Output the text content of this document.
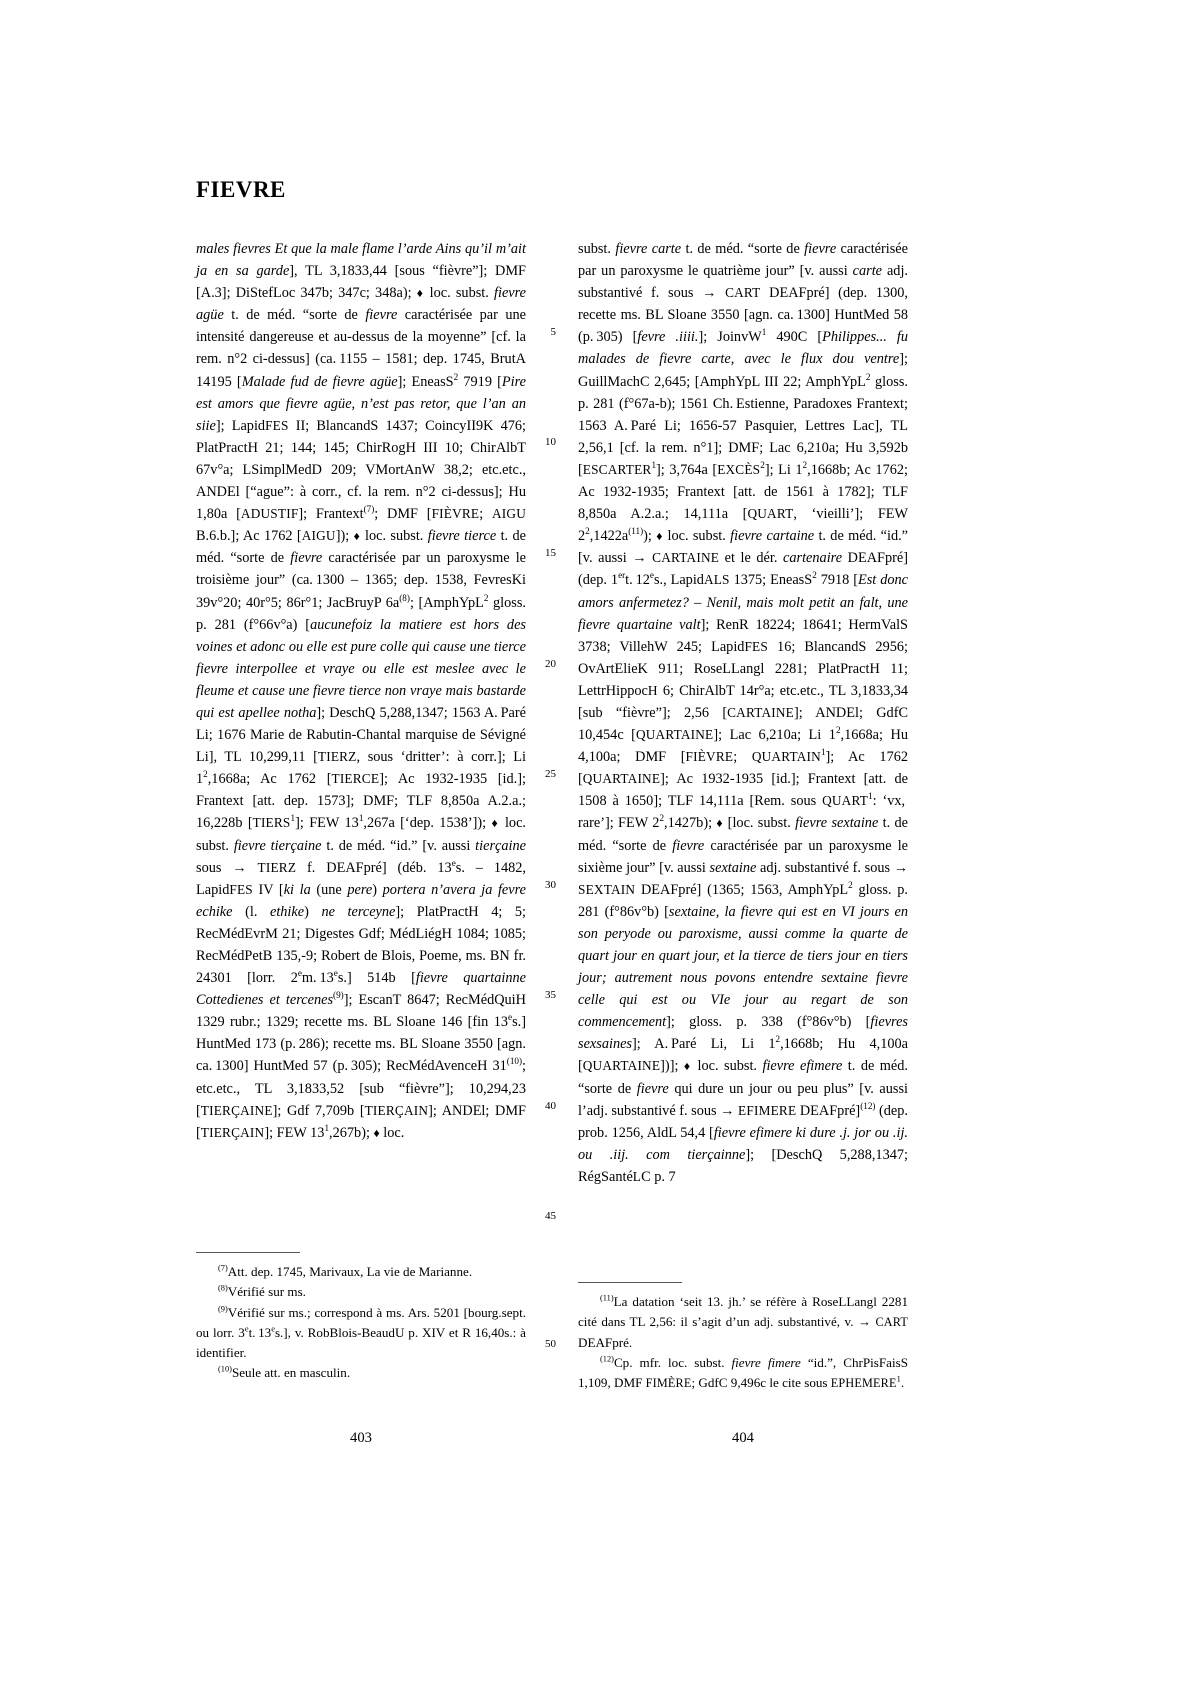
FIEVRE
5
10
15
20
25
30
35
40
45
50

males fievres Et que la male flame l’arde Ains qu’il m’ait ja en sa garde], TL 3,1833,44 [sous “fièvre”]; DMF [A.3]; DiStefLoc 347b; 347c; 348a); ♦ loc. subst. fievre agüe t. de méd. “sorte de fievre caractérisée par une intensité dangereuse et au-dessus de la moyenne” [cf. la rem. n°2 ci-dessus] (ca. 1155 – 1581; dep. 1745, BrutA 14195 [Malade fud de fievre agüe]; EneasS$^2$ 7919 [Pire est amors que fievre agüe, n’est pas retor, que l’an an siie]; LapidFES II; BlancandS 1437; CoincyII9K 476; PlatPractH 21; 144; 145; ChirRogH III 10; ChirAlbT 67v°a; LSimplMedD 209; VMortAnW 38,2; etc.etc., ANDEl [“ague”: à corr., cf. la rem. n°2 ci-dessus]; Hu 1,80a [ADUSTIF]; Frantext$^{(7)}$; DMF [FIÈVRE; AIGU B.6.b.]; Ac 1762 [AIGU]); ♦ loc. subst. fievre tierce t. de méd. “sorte de fievre caractérisée par un paroxysme le troisième jour” (ca. 1300 – 1365; dep. 1538, FevresKi 39v°20; 40r°5; 86r°1; JacBruyP $6a^{(8)}$; [AmphYpL$^2$ gloss. p. 281 (f°66v°a) [aucunefoiz la matiere est hors des voines et adonc ou elle est pure colle qui cause une tierce fievre interpollee et vraye ou elle est meslee avec le fleume et cause une fievre tierce non vraye mais bastarde qui est apellee notha]; DeschQ 5,288,1347; 1563 A. Paré Li; 1676 Marie de Rabutin-Chantal marquise de Sévigné Li], TL 10,299,11 [TIERZ, sous ‘dritter’: à corr.]; Li $1^2,1668a$; Ac 1762 [TIERCE]; Ac 1932-1935 [id.]; Frantext [att. dep. 1573]; DMF; TLF 8,850a A.2.a.; 16,228b [TIERS$^1$]; FEW $13^1,267a$ [‘dep. 1538’]); ♦ loc. subst. fievre tierçaine t. de méd. “id.” [v. aussi tierçaine sous → TIERZ f. DEAFpré] (déb. 13es. – 1482, LapidFES IV [ki la (une pere) portera n’avera ja fevre echike (l. ethike) ne terceyne]; PlatPractH 4; 5; RecMédEvrM 21; Digestes Gdf; MédLiégH 1084; 1085; RecMédPetB 135,-9; Robert de Blois, Poeme, ms. BN fr. 24301 [lorr. 2em. 13es.] 514b [fievre quartainne Cottedienes et tercenes$^{(9)}$]; EscanT 8647; RecMédQuiH 1329 rubr.; 1329; recette ms. BL Sloane 146 [fin 13es.] HuntMed 173 (p. 286); recette ms. BL Sloane 3550 [agn. ca. 1300] HuntMed 57 (p. 305); RecMédAvenceH 31$^{(10)}$; etc.etc., TL 3,1833,52 [sub “fièvre”]; 10,294,23 [TIERÇAINE]; Gdf 7,709b [TIERÇAIN]; ANDEl; DMF [TIERÇAIN]; FEW $13^1,267b$); ♦ loc.

$^{(7)}$Att. dep. 1745, Marivaux, La vie de Marianne.

$^{(8)}$Vérifié sur ms.

$^{(9)}$Vérifié sur ms.; correspond à ms. Ars. 5201 [bourg.sept. ou lorr. 3et. 13es.], v. RobBlois-BeaudU p. XIV et R 16,40s.: à identifier.

$^{(10)}$Seule att. en masculin.

subst. fievre carte t. de méd. “sorte de fievre caractérisée par un paroxysme le quatrième jour” [v. aussi carte adj. substantivé f. sous → CART DEAFpré] (dep. 1300, recette ms. BL Sloane 3550 [agn. ca. 1300] HuntMed 58 (p. 305) [fevre .iiii.]; JoinvW$^1$ 490C [Philippes... fu malades de fievre carte, avec le flux dou ventre]; GuillMachC 2,645; [AmphYpL III 22; AmphYpL$^2$ gloss. p. 281 (f°67a-b); 1561 Ch. Estienne, Paradoxes Frantext; 1563 A. Paré Li; 1656-57 Pasquier, Lettres Lac], TL 2,56,1 [cf. la rem. n°1]; DMF; Lac 6,210a; Hu 3,592b [ESCARTER$^1$]; 3,764a [EXCÈS$^2$]; Li $1^2,1668b$; Ac 1762; Ac 1932-1935; Frantext [att. de 1561 à 1782]; TLF 8,850a A.2.a.; 14,111a [QUART, ‘vieilli’]; FEW $2^2,1422a^{(11)}$); ♦ loc. subst. fievre cartaine t. de méd. “id.” [v. aussi → CARTAINE et le dér. cartenaire DEAFpré] (dep. 1ert. 12es., LapidALS 1375; EneasS$^2$ 7918 [Est donc amors anfermetez? – Nenil, mais molt petit an falt, une fievre quartaine valt]; RenR 18224; 18641; HermValS 3738; VillehW 245; LapidFES 16; BlancandS 2956; OvArtElieK 911; RoseLLangl 2281; PlatPractH 11; LettrHippocH 6; ChirAlbT 14r°a; etc.etc., TL 3,1833,34 [sub “fièvre”]; 2,56 [CARTAINE]; ANDEl; GdfC 10,454c [QUARTAINE]; Lac 6,210a; Li $1^2,1668a$; Hu 4,100a; DMF [FIÈVRE; QUARTAIN$^1$]; Ac 1762 [QUARTAINE]; Ac 1932-1935 [id.]; Frantext [att. de 1508 à 1650]; TLF 14,111a [Rem. sous QUART$^1$: ‘vx, rare’]; FEW $2^2,1427b$); ♦ [loc. subst. fievre sextaine t. de méd. “sorte de fievre caractérisée par un paroxysme le sixième jour” [v. aussi sextaine adj. substantivé f. sous → SEXTAIN DEAFpré] (1365; 1563, AmphYpL$^2$ gloss. p. 281 (f°86v°b) [sextaine, la fievre qui est en VI jours en son peryode ou paroxisme, aussi comme la quarte de quart jour en quart jour, et la tierce de tiers jour en tiers jour; autrement nous povons entendre sextaine fievre celle qui est ou VIe jour au regart de son commencement]; gloss. p. 338 (f°86v°b) [fievres sexsaines]; A. Paré Li, Li $1^2,1668b$; Hu 4,100a [QUARTAINE])]; ♦ loc. subst. fievre efimere t. de méd. “sorte de fievre qui dure un jour ou peu plus” [v. aussi l’adj. substantivé f. sous → EFIMERE DEAFpré]$^{(12)}$ (dep. prob. 1256, AldL 54,4 [fievre efimere ki dure .j. jor ou .ij. ou .iij. com tierçainne]; [DeschQ 5,288,1347; RégSantéLC p. 7

$^{(11)}$La datation ‘seit 13. jh.’ se réfère à RoseLLangl 2281 cité dans TL 2,56: il s’agit d’un adj. substantivé, v. → CART DEAFpré.

$^{(12)}$Cp. mfr. loc. subst. fievre fimere “id.”, ChrPisFaisS 1,109, DMF FIMÈRE; GdfC 9,496c le cite sous EPHEMERE$^1$.

403	404
